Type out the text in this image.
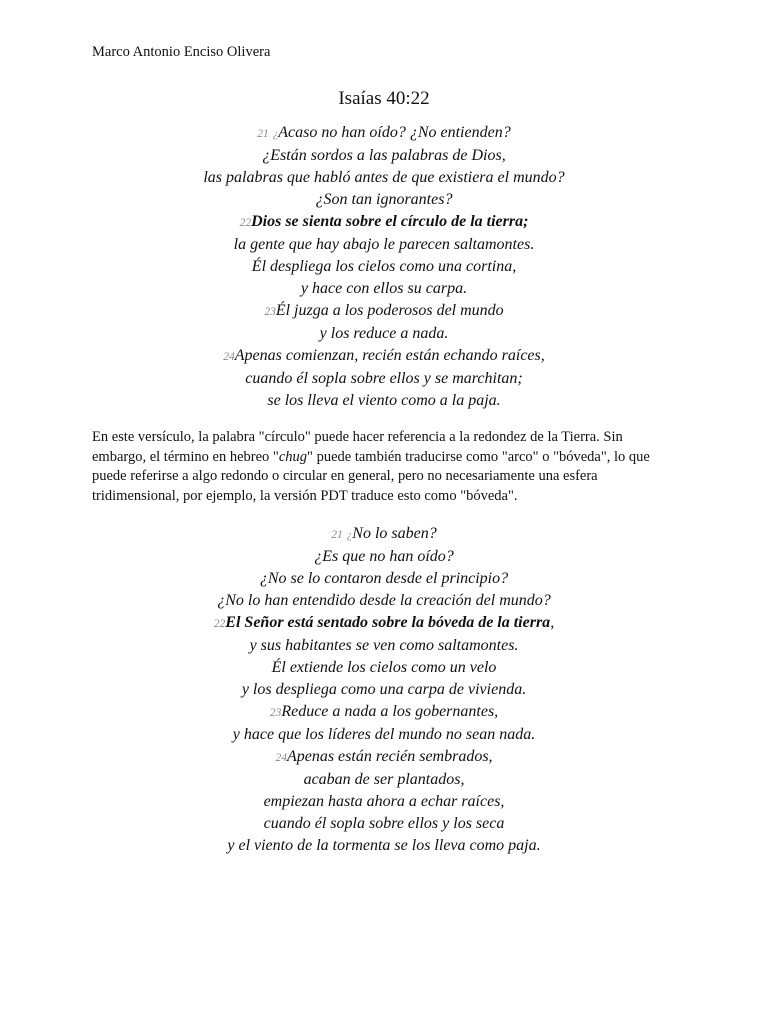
Marco Antonio Enciso Olivera

Isaías 40:22
21 ¿Acaso no han oído? ¿No entienden?
¿Están sordos a las palabras de Dios,
las palabras que habló antes de que existiera el mundo?
¿Son tan ignorantes?
22Dios se sienta sobre el círculo de la tierra;
la gente que hay abajo le parecen saltamontes.
Él despliega los cielos como una cortina,
y hace con ellos su carpa.
23Él juzga a los poderosos del mundo
y los reduce a nada.
24Apenas comienzan, recién están echando raíces,
cuando él sopla sobre ellos y se marchitan;
se los lleva el viento como a la paja.

En este versículo, la palabra "círculo" puede hacer referencia a la redondez de la Tierra. Sin embargo, el término en hebreo "chug" puede también traducirse como "arco" o "bóveda", lo que puede referirse a algo redondo o circular en general, pero no necesariamente una esfera tridimensional, por ejemplo, la versión PDT traduce esto como "bóveda".

21 ¿No lo saben?
¿Es que no han oído?
¿No se lo contaron desde el principio?
¿No lo han entendido desde la creación del mundo?
22El Señor está sentado sobre la bóveda de la tierra,
y sus habitantes se ven como saltamontes.
Él extiende los cielos como un velo
y los despliega como una carpa de vivienda.
23Reduce a nada a los gobernantes,
y hace que los líderes del mundo no sean nada.
24Apenas están recién sembrados,
acaban de ser plantados,
empiezan hasta ahora a echar raíces,
cuando él sopla sobre ellos y los seca
y el viento de la tormenta se los lleva como paja.
